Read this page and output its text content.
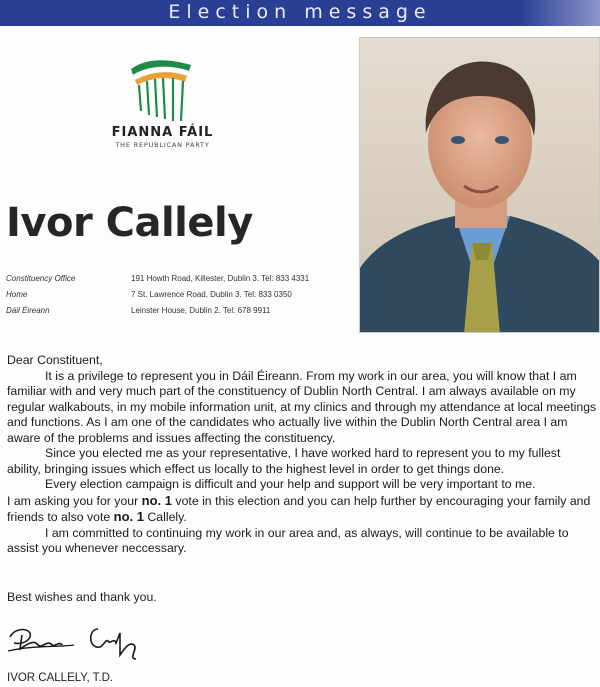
Election message
FIANNA FÁIL
THE REPUBLICAN PARTY
Ivor Callely
Constituency Office	191 Howth Road, Killester, Dublin 3. Tel: 833 4331
Home	7 St. Lawrence Road, Dublin 3. Tel: 833 0350
Dáil Éireann	Leinster House, Dublin 2. Tel: 678 9911

Dear Constituent,

It is a privilege to represent you in Dáil Éireann. From my work in our area, you will know that I am familiar with and very much part of the constituency of Dublin North Central. I am always available on my regular walkabouts, in my mobile information unit, at my clinics and through my attendance at local meetings and functions. As I am one of the candidates who actually live within the Dublin North Central area I am aware of the problems and issues affecting the constituency.

Since you elected me as your representative, I have worked hard to represent you to my fullest ability, bringing issues which effect us locally to the highest level in order to get things done.

Every election campaign is difficult and your help and support will be very important to me.

I am asking you for your no. 1 vote in this election and you can help further by encouraging your family and friends to also vote no. 1 Callely.

I am committed to continuing my work in our area and, as always, will continue to be available to assist you whenever neccessary.

Best wishes and thank you.
IVOR CALLELY, T.D.
